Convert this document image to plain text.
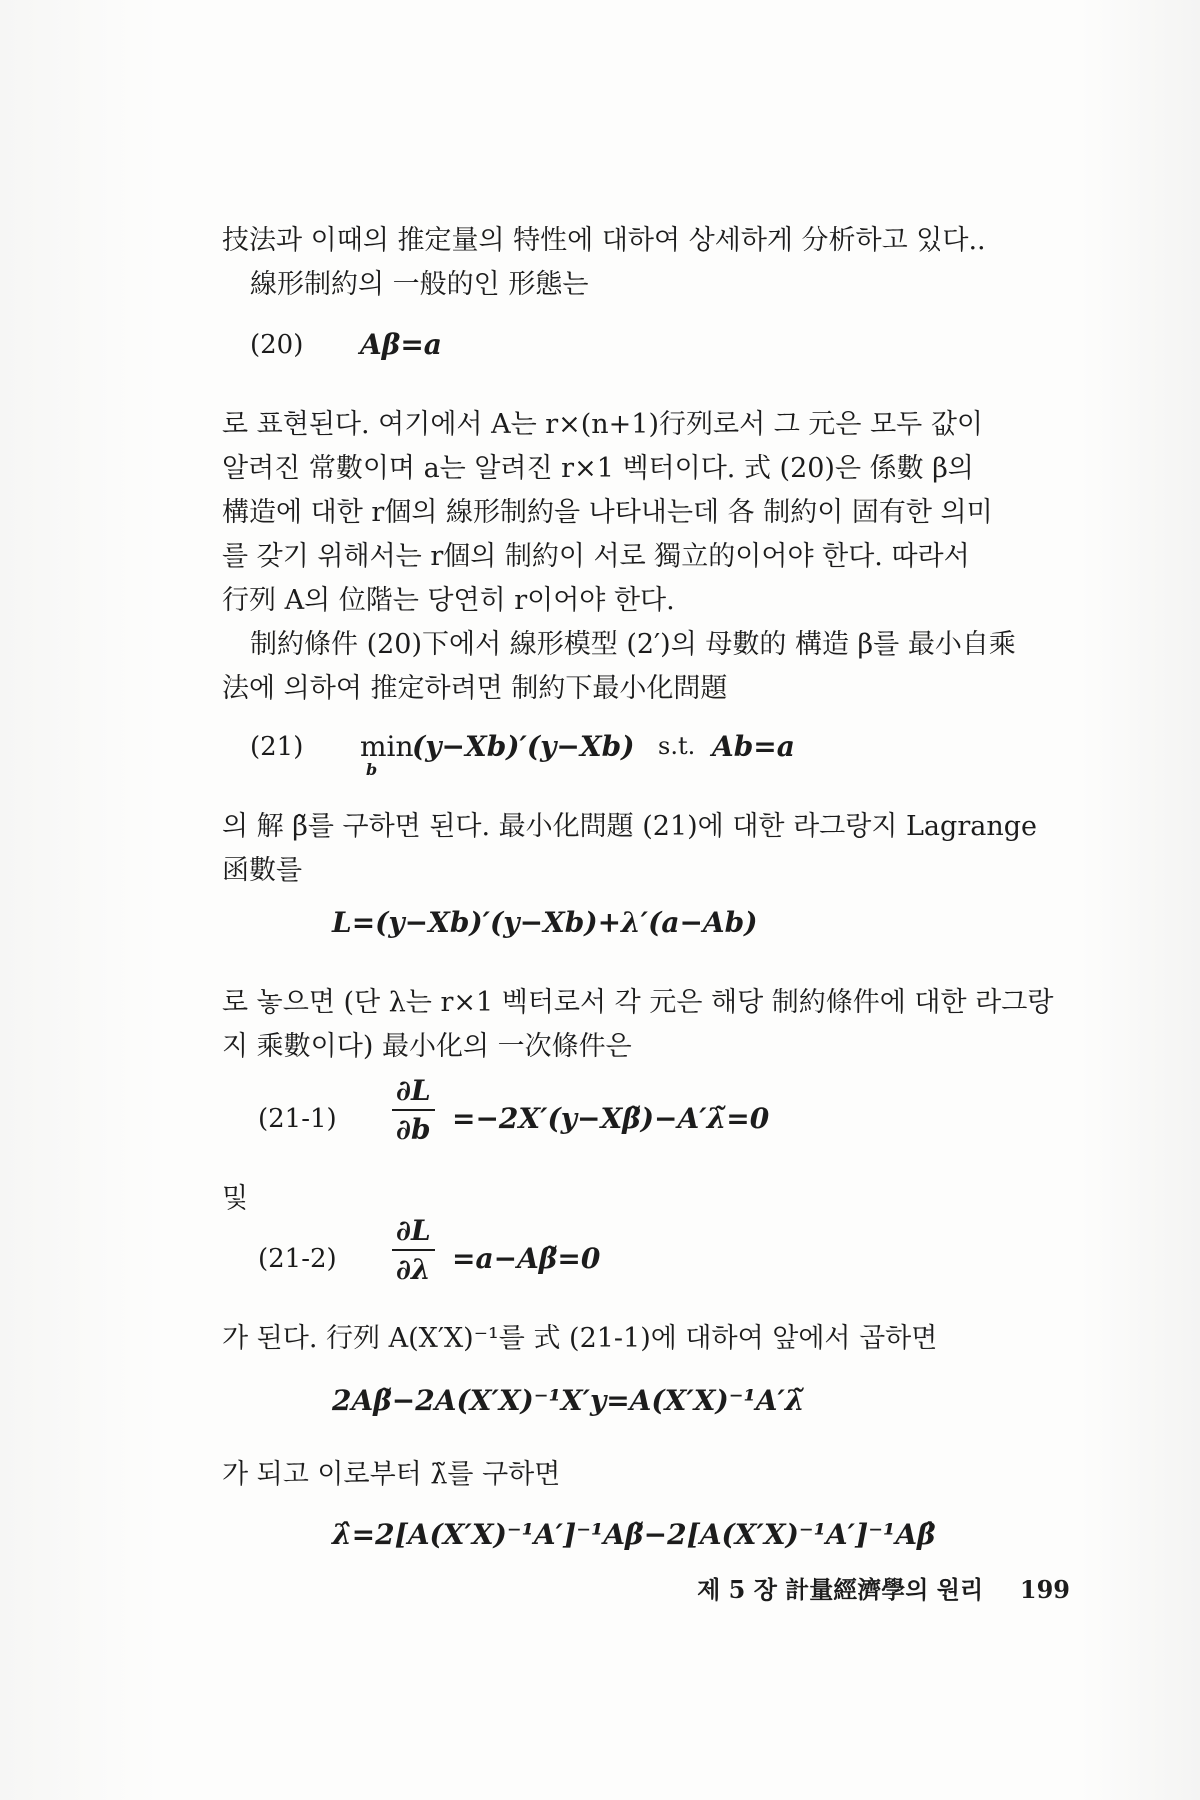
技法과 이때의 推定量의 特性에 대하여 상세하게 分析하고 있다..
線形制約의 一般的인 形態는
(20) Aβ=a
로 표현된다. 여기에서 A는 r×(n+1)行列로서 그 元은 모두 값이
알려진 常數이며 a는 알려진 r×1 벡터이다. 式 (20)은 係數 β의
構造에 대한 r個의 線形制約을 나타내는데 各 制約이 固有한 의미
를 갖기 위해서는 r個의 制約이 서로 獨立的이어야 한다. 따라서
行列 A의 位階는 당연히 r이어야 한다.
制約條件 (20)下에서 線形模型 (2′)의 母數的 構造 β를 最小自乘
法에 의하여 推定하려면 制約下最小化問題
(21) min
b
(y−Xb)′(y−Xb) s.t. Ab=a
의 解 β̃를 구하면 된다. 最小化問題 (21)에 대한 라그랑지 Lagrange
函數를
L=(y−Xb)′(y−Xb)+λ′(a−Ab)
로 놓으면 (단 λ는 r×1 벡터로서 각 元은 해당 制約條件에 대한 라그랑
지 乘數이다) 最小化의 一次條件은
$(21-1) \frac{\partial L}{\partial b}$ =−2X′(y−Xβ̃)−A′λ̃=0
및
$(21-2) \frac{\partial L}{\partial\lambda}$ =a−Aβ̃=0
가 된다. 行列 A(X′X)⁻¹를 式 (21-1)에 대하여 앞에서 곱하면
2Aβ̃−2A(X′X)⁻¹X′y=A(X′X)⁻¹A′λ̃
가 되고 이로부터 λ̃를 구하면
λ̂=2[A(X′X)⁻¹A′]⁻¹Aβ̃−2[A(X′X)⁻¹A′]⁻¹Aβ̂
제 5 장 計量經濟學의 원리 199
